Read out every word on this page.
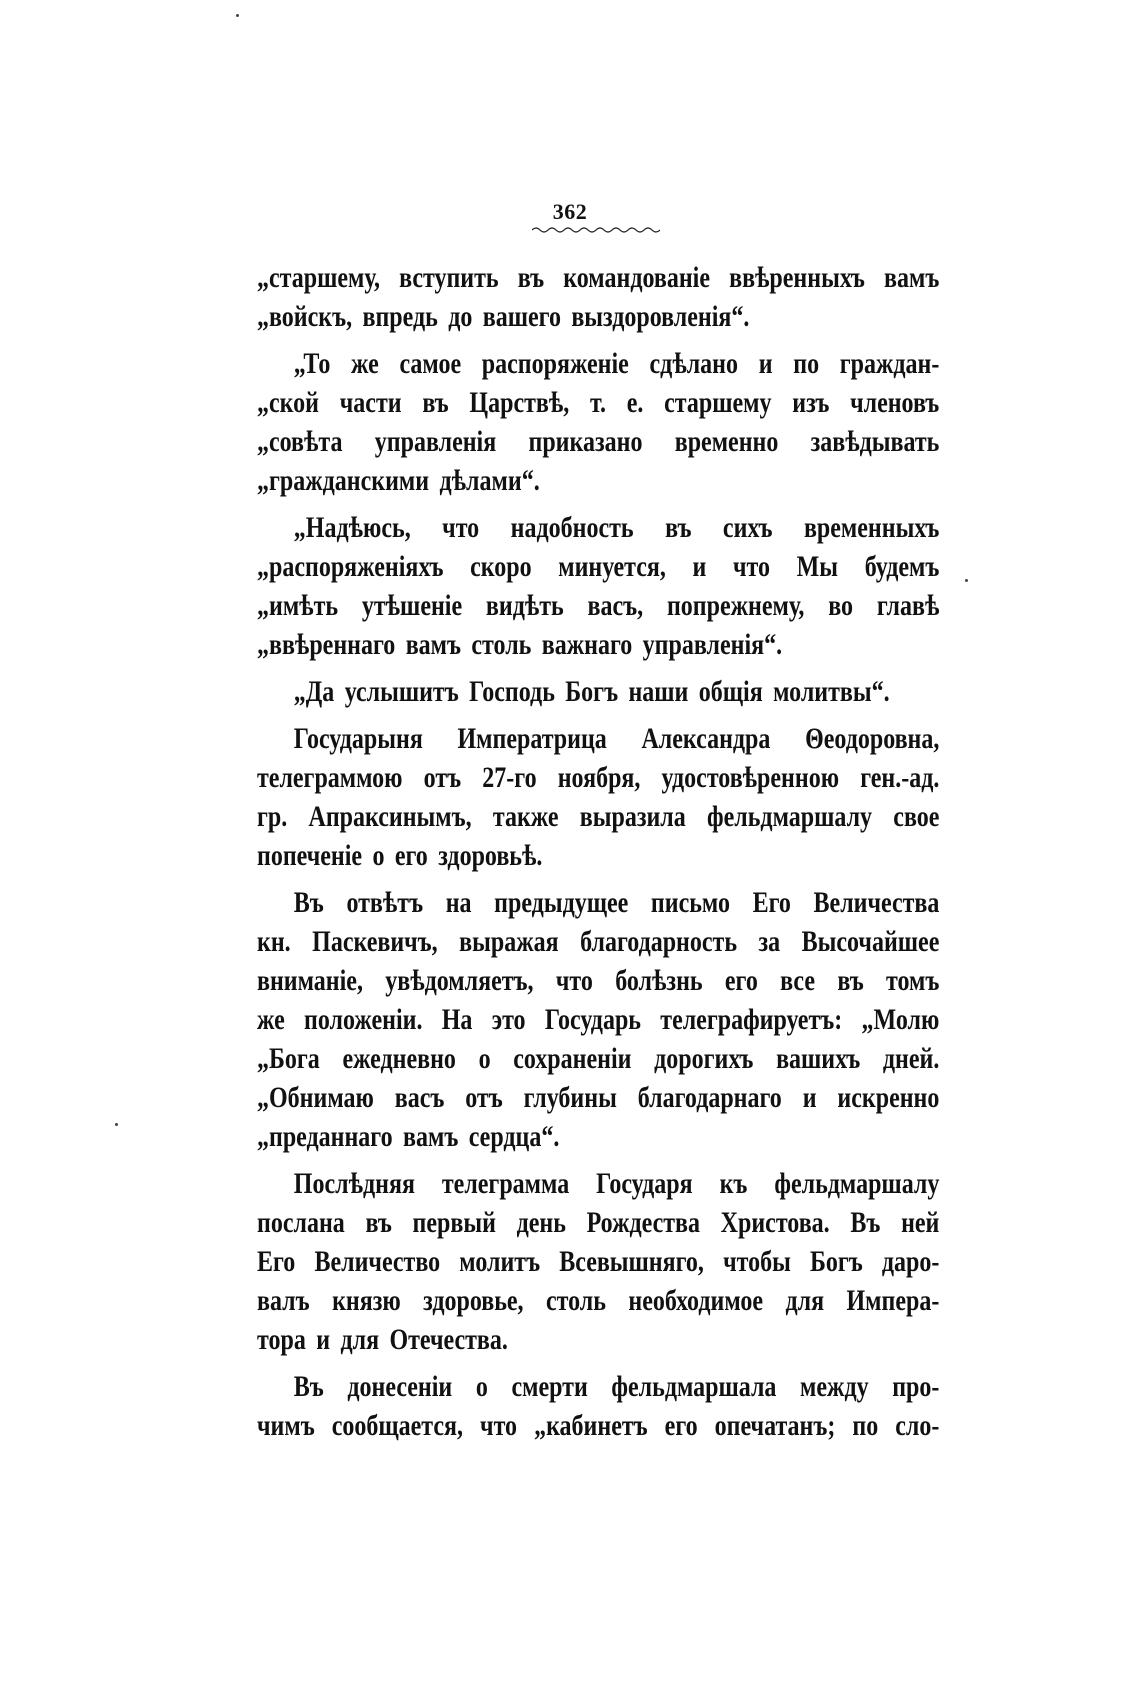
362
„старшему, вступить въ командованіе ввѣренныхъ вамъ
„войскъ, впредь до вашего выздоровленія“.
„То же самое распоряженіе сдѣлано и по граждан-
„ской части въ Царствѣ, т. е. старшему изъ членовъ
„совѣта управленія приказано временно завѣдывать
„гражданскими дѣлами“.
„Надѣюсь, что надобность въ сихъ временныхъ
„распоряженіяхъ скоро минуется, и что Мы будемъ
„имѣть утѣшеніе видѣть васъ, попрежнему, во главѣ
„ввѣреннаго вамъ столь важнаго управленія“.
„Да услышитъ Господь Богъ наши общія молитвы“.
Государыня Императрица Александра Θеодоровна,
телеграммою отъ 27-го ноября, удостовѣренною ген.-ад.
гр. Апраксинымъ, также выразила фельдмаршалу свое
попеченіе о его здоровьѣ.
Въ отвѣтъ на предыдущее письмо Его Величества
кн. Паскевичъ, выражая благодарность за Высочайшее
вниманіе, увѣдомляетъ, что болѣзнь его все въ томъ
же положеніи. На это Государь телеграфируетъ: „Молю
„Бога ежедневно о сохраненіи дорогихъ вашихъ дней.
„Обнимаю васъ отъ глубины благодарнаго и искренно
„преданнаго вамъ сердца“.
Послѣдняя телеграмма Государя къ фельдмаршалу
послана въ первый день Рождества Христова. Въ ней
Его Величество молитъ Всевышняго, чтобы Богъ даро-
валъ князю здоровье, столь необходимое для Импера-
тора и для Отечества.
Въ донесеніи о смерти фельдмаршала между про-
чимъ сообщается, что „кабинетъ его опечатанъ; по сло-
